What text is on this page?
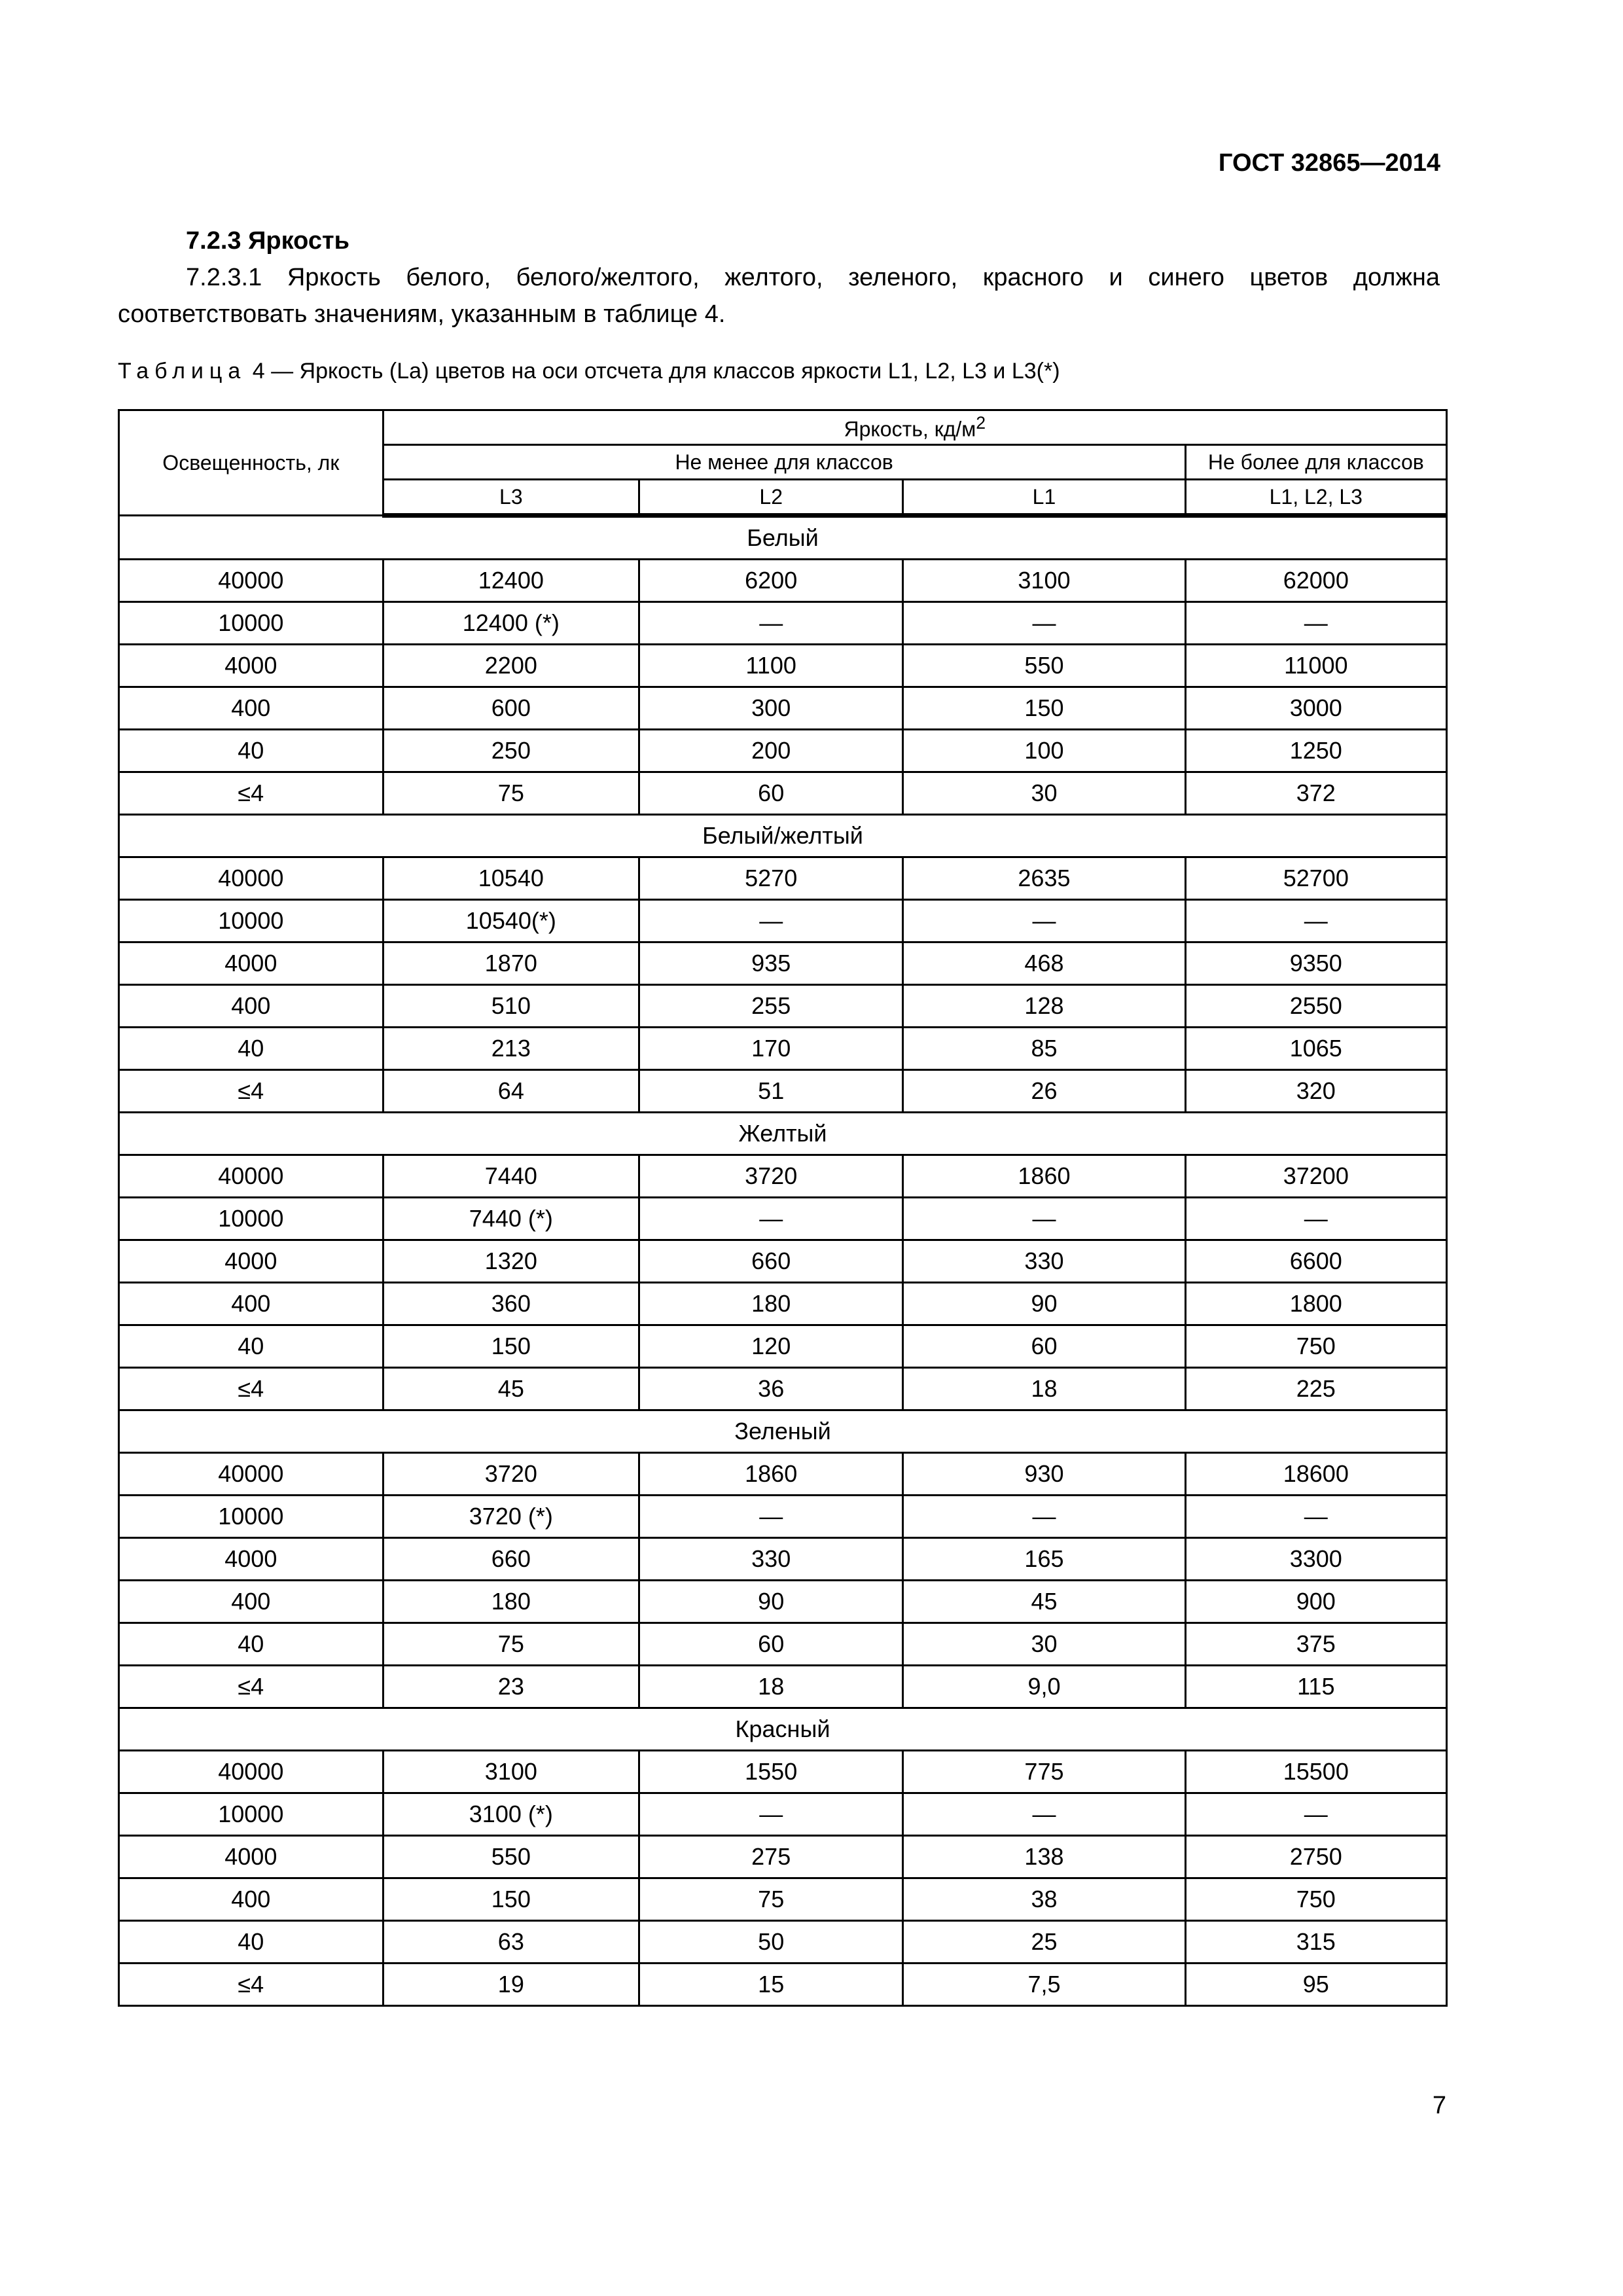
ГОСТ 32865—2014

7.2.3 Яркость

7.2.3.1 Яркость белого, белого/желтого, желтого, зеленого, красного и синего цветов должна соответствовать значениям, указанным в таблице 4.

Таблица 4 — Яркость (La) цветов на оси отсчета для классов яркости L1, L2, L3 и L3(*)

Освещенность, лк	Яркость, $кд/м^2$
	Не менее для классов			Не более для классов
	L3	L2	L1	L1, L2, L3
Белый				
40000	12400	6200	3100	62000
10000	12400 (*)	—	—	—
4000	2200	1100	550	11000
400	600	300	150	3000
40	250	200	100	1250
≤4	75	60	30	372
Белый/желтый				
40000	10540	5270	2635	52700
10000	10540(*)	—	—	—
4000	1870	935	468	9350
400	510	255	128	2550
40	213	170	85	1065
≤4	64	51	26	320
Желтый				
40000	7440	3720	1860	37200
10000	7440 (*)	—	—	—
4000	1320	660	330	6600
400	360	180	90	1800
40	150	120	60	750
≤4	45	36	18	225
Зеленый				
40000	3720	1860	930	18600
10000	3720 (*)	—	—	—
4000	660	330	165	3300
400	180	90	45	900
40	75	60	30	375
≤4	23	18	9,0	115
Красный				
40000	3100	1550	775	15500
10000	3100 (*)	—	—	—
4000	550	275	138	2750
400	150	75	38	750
40	63	50	25	315
≤4	19	15	7,5	95

7
